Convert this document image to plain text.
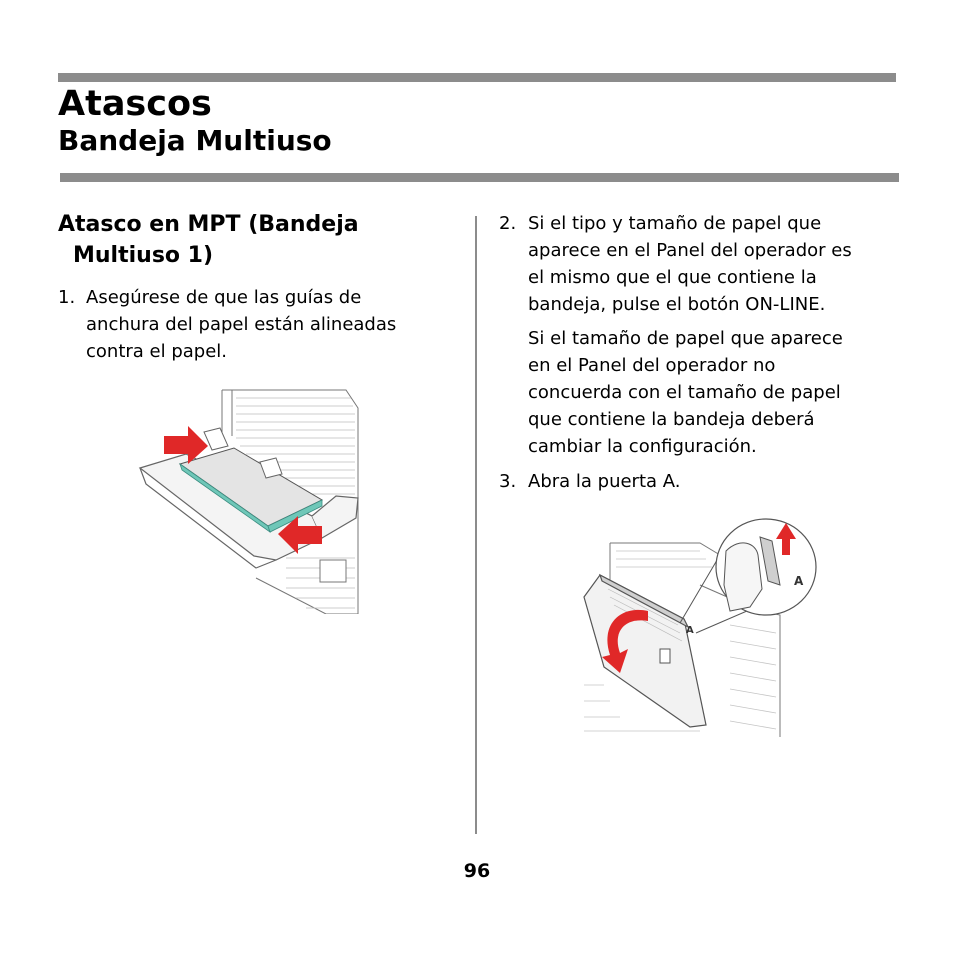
Atascos
Bandeja Multiuso
Atasco en MPT (Bandeja
Multiuso 1)
1. Asegúrese de que las guías de
anchura del papel están alineadas
contra el papel.
2. Si el tipo y tamaño de papel que
aparece en el Panel del operador es
el mismo que el que contiene la
bandeja, pulse el botón ON-LINE.
Si el tamaño de papel que aparece
en el Panel del operador no
concuerda con el tamaño de papel
que contiene la bandeja deberá
cambiar la configuración.
3. Abra la puerta A.
A
A
96
